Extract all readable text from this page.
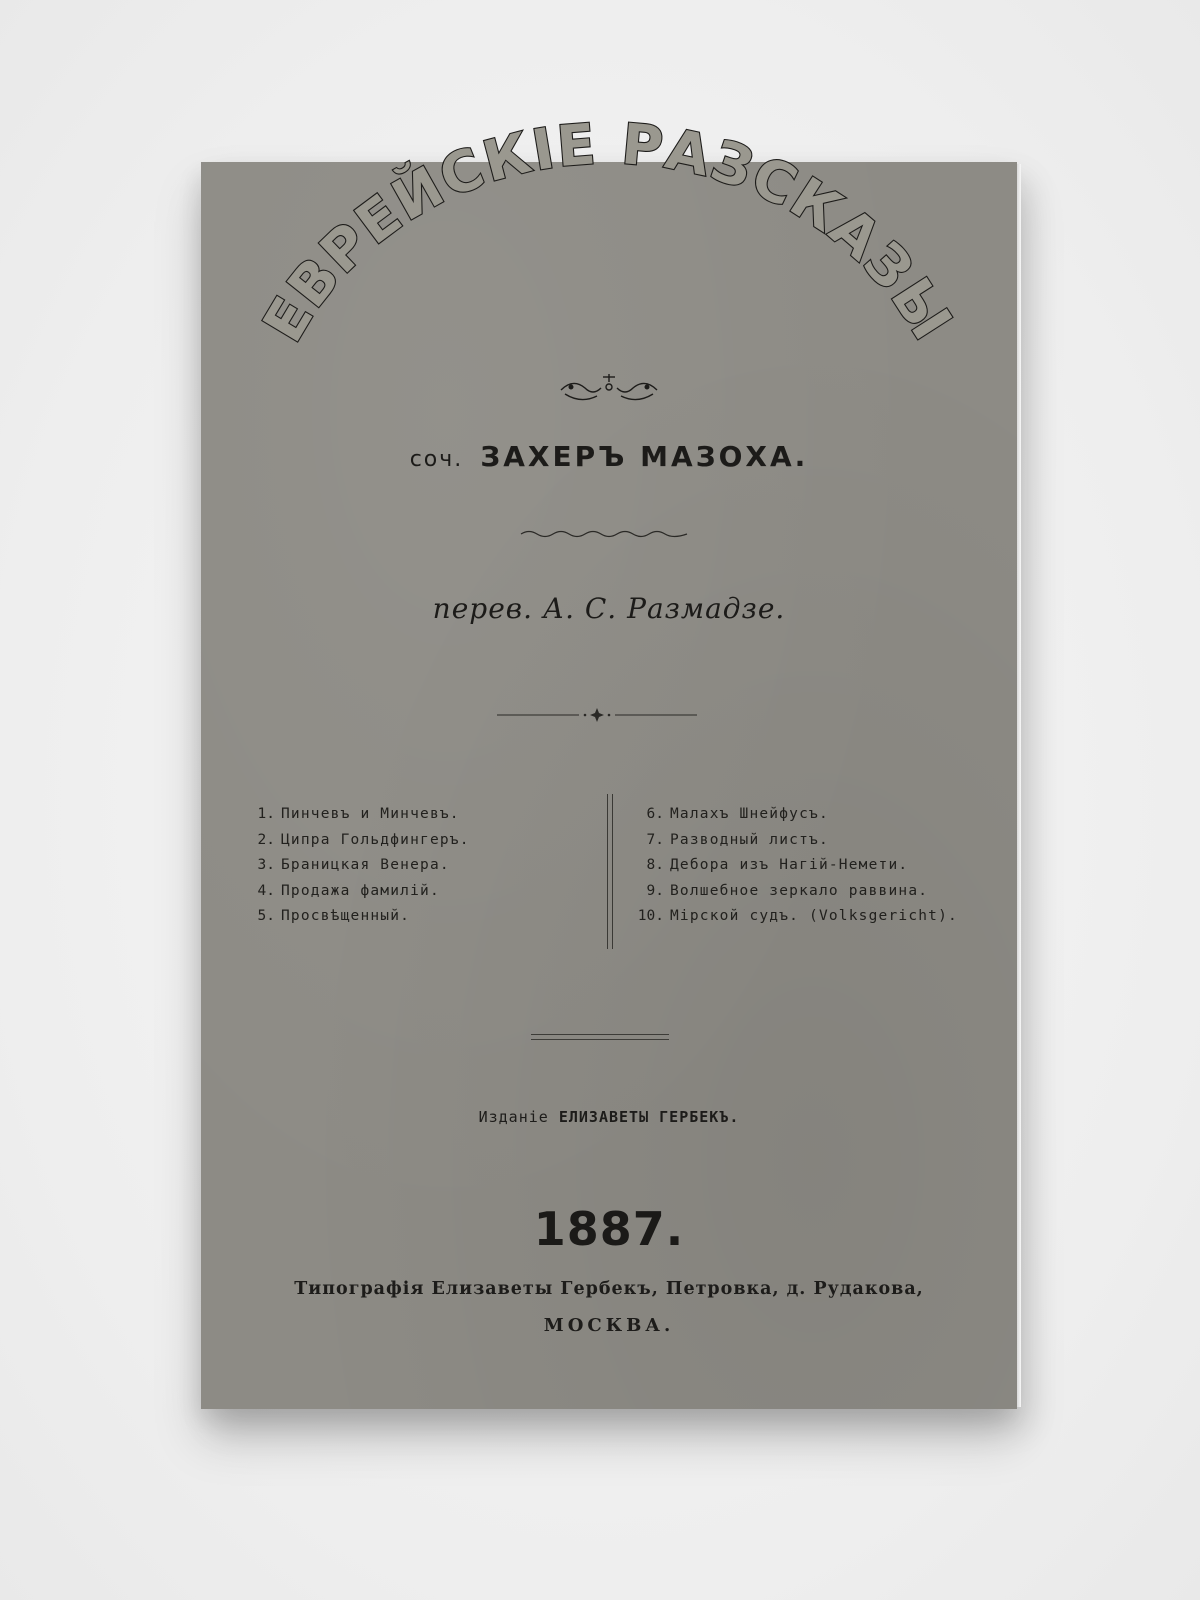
ЕВРЕЙСКІЕ РАЗСКАЗЫ
соч. ЗАХЕРЪ МАЗОХА.
перев. А. С. Размадзе.
1. Пинчевъ и Минчевъ.
2. Ципра Гольдфингеръ.
3. Браницкая Венера.
4. Продажа фамилій.
5. Просвѣщенный.
6. Малахъ Шнейфусъ.
7. Разводный листъ.
8. Дебора изъ Нагій-Немети.
9. Волшебное зеркало раввина.
10. Мірской судъ. (Volksgericht).
Изданіе ЕЛИЗАВЕТЫ ГЕРБЕКЪ.
1887.
Типографія Елизаветы Гербекъ, Петровка, д. Рудакова,
МОСКВА.
